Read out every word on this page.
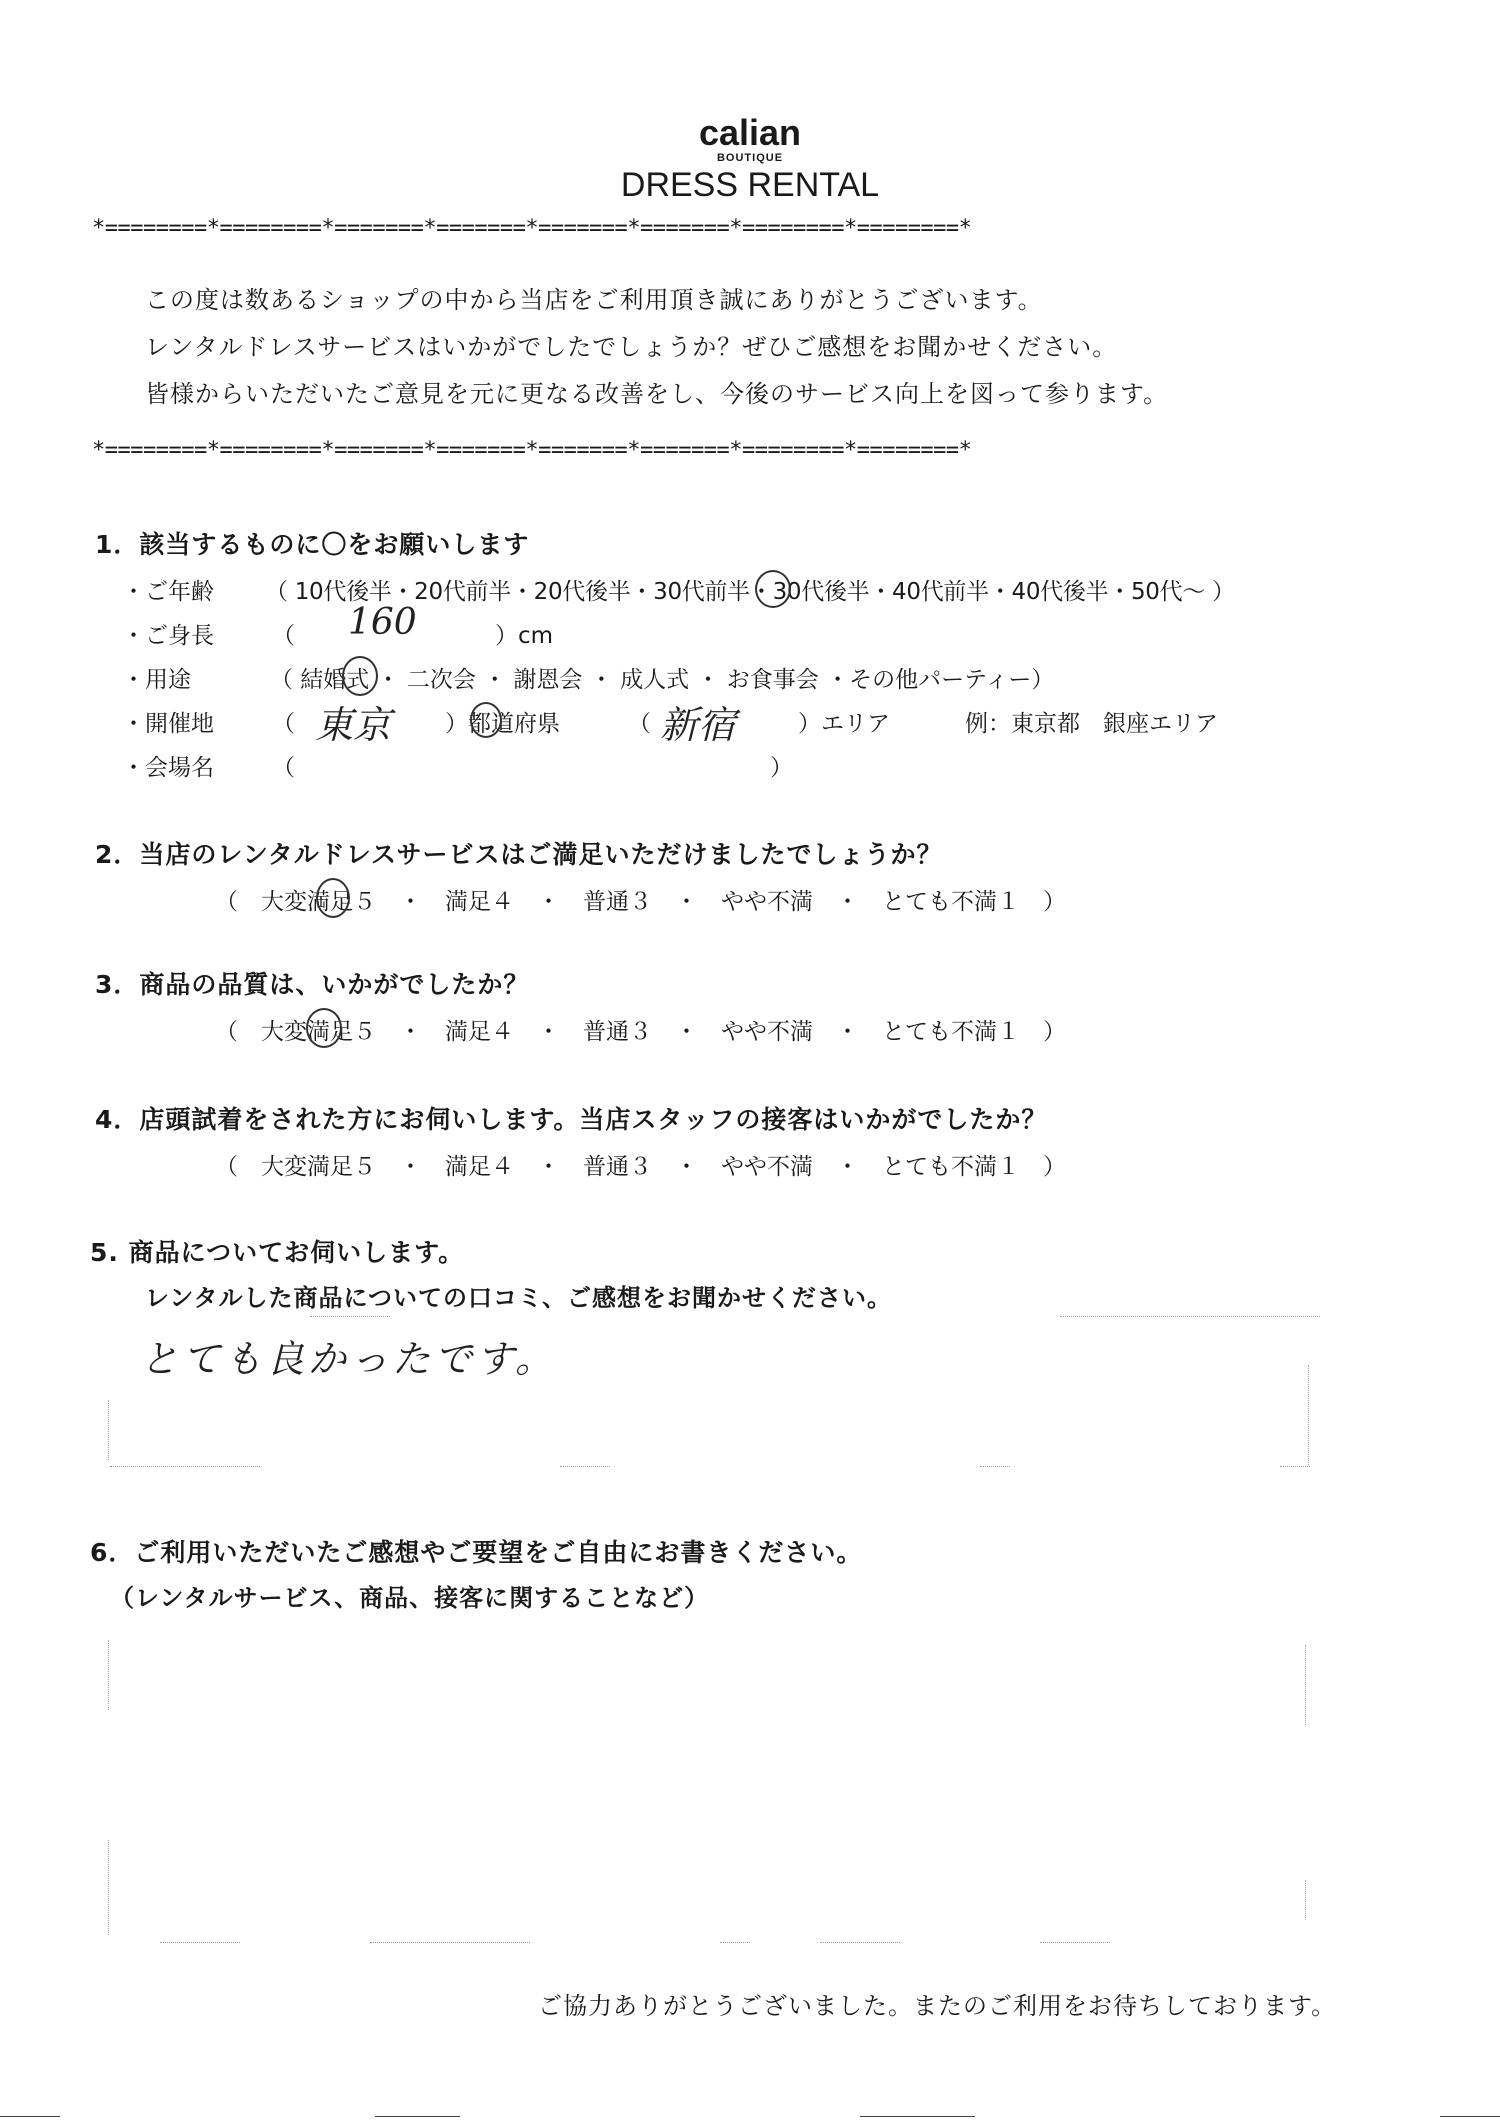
calian
BOUTIQUE
DRESS RENTAL
*========*========*=======*=======*=======*=======*========*========*
この度は数あるショップの中から当店をご利用頂き誠にありがとうございます。
レンタルドレスサービスはいかがでしたでしょうか？ぜひご感想をお聞かせください。
皆様からいただいたご意見を元に更なる改善をし、今後のサービス向上を図って参ります。
*========*========*=======*=======*=======*=======*========*========*
1．該当するものに〇をお願いします
・ご年齢 （ 10代後半・20代前半・20代後半・30代前半・30代後半・40代前半・40代後半・50代～ ）
・ご身長	（ 160	）cm
・用途	（ 結婚式 ・ 二次会 ・ 謝恩会 ・ 成人式 ・ お食事会 ・その他パーティー）
・開催地	（ 東京 ）都道府県	（ 新宿	）エリア	例：東京都　銀座エリア
・会場名	（	）
2．当店のレンタルドレスサービスはご満足いただけましたでしょうか？
（　大変満足５　・　満足４　・　普通３　・　やや不満　・　とても不満１　）
3．商品の品質は、いかがでしたか？
（　大変満足５　・　満足４　・　普通３　・　やや不満　・　とても不満１　）
4．店頭試着をされた方にお伺いします。当店スタッフの接客はいかがでしたか？
（　大変満足５　・　満足４　・　普通３　・　やや不満　・　とても不満１　）
5. 商品についてお伺いします。
レンタルした商品についての口コミ、ご感想をお聞かせください。
とても良かったです。
6．ご利用いただいたご感想やご要望をご自由にお書きください。
（レンタルサービス、商品、接客に関することなど）
ご協力ありがとうございました。またのご利用をお待ちしております。
